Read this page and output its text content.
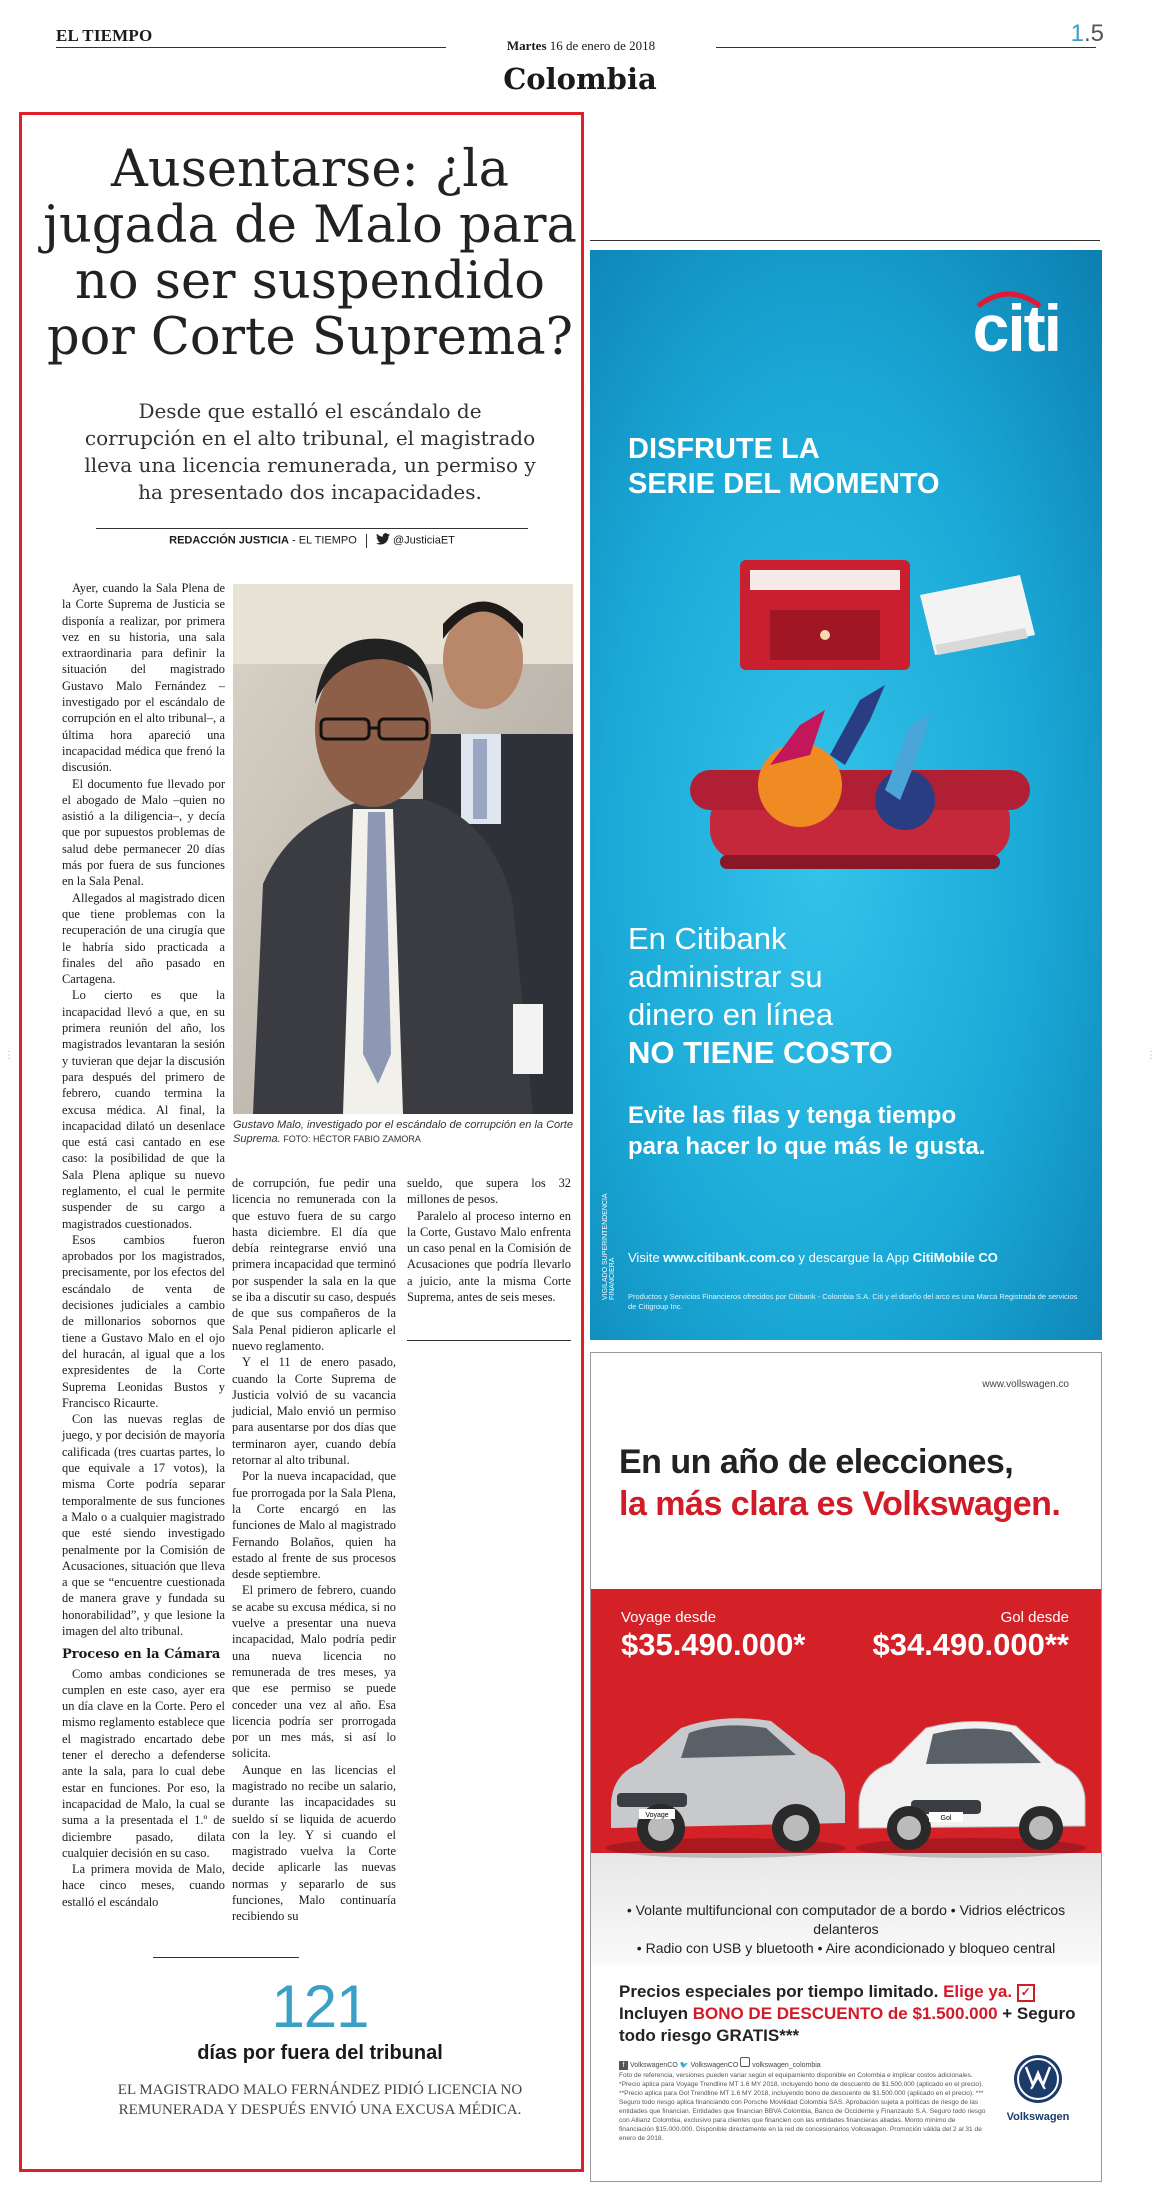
EL TIEMPO
Martes 16 de enero de 2018	1.5
Colombia
Ausentarse: ¿la jugada de Malo para no ser suspendido por Corte Suprema?
Desde que estalló el escándalo de corrupción en el alto tribunal, el magistrado lleva una licencia remunerada, un permiso y ha presentado dos incapacidades.
REDACCIÓN JUSTICIA - EL TIEMPO	@JusticiaET
Gustavo Malo, investigado por el escándalo de corrupción en la Corte Suprema. FOTO: HÉCTOR FABIO ZAMORA

Ayer, cuando la Sala Plena de la Corte Suprema de Justicia se disponía a realizar, por primera vez en su historia, una sala extraordinaria para definir la situación del magistrado Gustavo Malo Fernández –investigado por el escándalo de corrupción en el alto tribunal–, a última hora apareció una incapacidad médica que frenó la discusión.

El documento fue llevado por el abogado de Malo –quien no asistió a la diligencia–, y decía que por supuestos problemas de salud debe permanecer 20 días más por fuera de sus funciones en la Sala Penal.

Allegados al magistrado dicen que tiene problemas con la recuperación de una cirugía que le habría sido practicada a finales del año pasado en Cartagena.

Lo cierto es que la incapacidad llevó a que, en su primera reunión del año, los magistrados levantaran la sesión y tuvieran que dejar la discusión para después del primero de febrero, cuando termina la excusa médica. Al final, la incapacidad dilató un desenlace que está casi cantado en ese caso: la posibilidad de que la Sala Plena aplique su nuevo reglamento, el cual le permite suspender de su cargo a magistrados cuestionados.

Esos cambios fueron aprobados por los magistrados, precisamente, por los efectos del escándalo de venta de decisiones judiciales a cambio de millonarios sobornos que tiene a Gustavo Malo en el ojo del huracán, al igual que a los expresidentes de la Corte Suprema Leonidas Bustos y Francisco Ricaurte.

Con las nuevas reglas de juego, y por decisión de mayoría calificada (tres cuartas partes, lo que equivale a 17 votos), la misma Corte podría separar temporalmente de sus funciones a Malo o a cualquier magistrado que esté siendo investigado penalmente por la Comisión de Acusaciones, situación que lleva a que se “encuentre cuestionada de manera grave y fundada su honorabilidad”, y que lesione la imagen del alto tribunal.

Proceso en la Cámara

Como ambas condiciones se cumplen en este caso, ayer era un día clave en la Corte. Pero el mismo reglamento establece que el magistrado encartado debe tener el derecho a defenderse ante la sala, para lo cual debe estar en funciones. Por eso, la incapacidad de Malo, la cual se suma a la presentada el 1.º de diciembre pasado, dilata cualquier decisión en su caso.

La primera movida de Malo, hace cinco meses, cuando estalló el escándalo

de corrupción, fue pedir una licencia no remunerada con la que estuvo fuera de su cargo hasta diciembre. El día que debía reintegrarse envió una primera incapacidad que terminó por suspender la sala en la que se iba a discutir su caso, después de que sus compañeros de la Sala Penal pidieron aplicarle el nuevo reglamento.

Y el 11 de enero pasado, cuando la Corte Suprema de Justicia volvió de su vacancia judicial, Malo envió un permiso para ausentarse por dos días que terminaron ayer, cuando debía retornar al alto tribunal.

Por la nueva incapacidad, que fue prorrogada por la Sala Plena, la Corte encargó en las funciones de Malo al magistrado Fernando Bolaños, quien ha estado al frente de sus procesos desde septiembre.

El primero de febrero, cuando se acabe su excusa médica, si no vuelve a presentar una nueva incapacidad, Malo podría pedir una nueva licencia no remunerada de tres meses, ya que ese permiso se puede conceder una vez al año. Esa licencia podría ser prorrogada por un mes más, si así lo solicita.

Aunque en las licencias el magistrado no recibe un salario, durante las incapacidades su sueldo sí se liquida de acuerdo con la ley. Y si cuando el magistrado vuelva la Corte decide aplicarle las nuevas normas y separarlo de sus funciones, Malo continuaría recibiendo su

sueldo, que supera los 32 millones de pesos.

Paralelo al proceso interno en la Corte, Gustavo Malo enfrenta un caso penal en la Comisión de Acusaciones que podría llevarlo a juicio, ante la misma Corte Suprema, antes de seis meses.

121
días por fuera del tribunal
EL MAGISTRADO MALO FERNÁNDEZ PIDIÓ LICENCIA NO REMUNERADA Y DESPUÉS ENVIÓ UNA EXCUSA MÉDICA.
citi
DISFRUTE LA
SERIE DEL MOMENTO
En Citibank
administrar su
dinero en línea
NO TIENE COSTO
Evite las filas y tenga tiempo
para hacer lo que más le gusta.
VIGILADO SUPERINTENDENCIA FINANCIERA
Visite www.citibank.com.co y descargue la App CitiMobile CO
Productos y Servicios Financieros ofrecidos por Citibank - Colombia S.A. Citi y el diseño del arco es una Marca Registrada de servicios de Citigroup Inc.
www.vollswagen.co
En un año de elecciones,
la más clara es Volkswagen.
Voyage desde
$35.490.000*
Gol desde
$34.490.000**
Voyage	Gol
• Volante multifuncional con computador de a bordo • Vidrios eléctricos delanteros
• Radio con USB y bluetooth • Aire acondicionado y bloqueo central
Precios especiales por tiempo limitado. Elige ya. ✓
Incluyen BONO DE DESCUENTO de $1.500.000 + Seguro todo riesgo GRATIS***
f VolkswagenCO 🐦 VolkswagenCO volkswagen_colombia
Foto de referencia, versiones pueden variar según el equipamiento disponible en Colombia e implicar costos adicionales. *Precio aplica para Voyage Trendline MT 1.6 MY 2018, incluyendo bono de descuento de $1.500.000 (aplicado en el precio). **Precio aplica para Gol Trendline MT 1.6 MY 2018, incluyendo bono de descuento de $1.500.000 (aplicado en el precio). *** Seguro todo riesgo aplica financiando con Porsche Movilidad Colombia SAS. Aprobación sujeta a políticas de riesgo de las entidades que financian. Entidades que financian BBVA Colombia, Banco de Occidente y Finanzauto S.A. Seguro todo riesgo con Allianz Colombia, exclusivo para clientes que financien con las entidades financieras aliadas. Monto mínimo de financiación $15.000.000. Disponible directamente en la red de concesionarios Volkswagen. Promoción válida del 2 al 31 de enero de 2018.
Volkswagen
⋮	⋮
